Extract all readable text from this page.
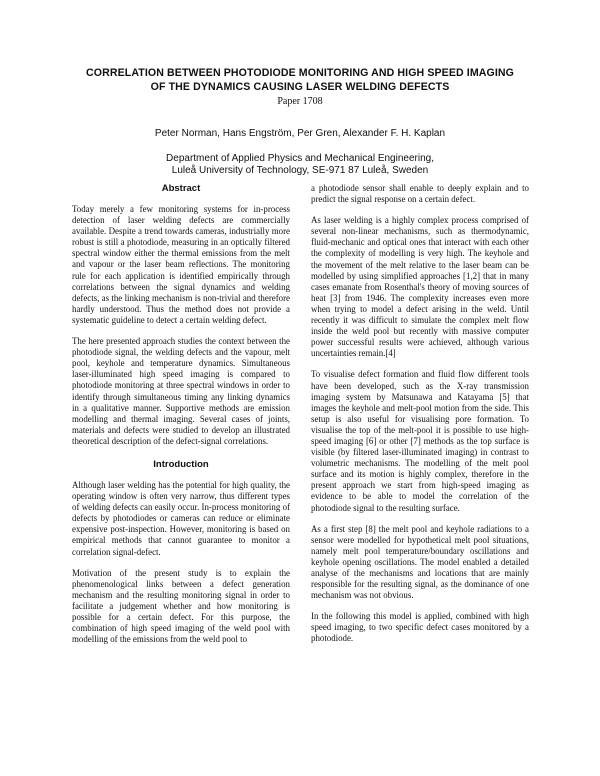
CORRELATION BETWEEN PHOTODIODE MONITORING AND HIGH SPEED IMAGING
OF THE DYNAMICS CAUSING LASER WELDING DEFECTS
Paper 1708
Peter Norman, Hans Engström, Per Gren, Alexander F. H. Kaplan
Department of Applied Physics and Mechanical Engineering,
Luleå University of Technology, SE-971 87 Luleå, Sweden
Abstract

Today merely a few monitoring systems for in-process detection of laser welding defects are commercially available. Despite a trend towards cameras, industrially more robust is still a photodiode, measuring in an optically filtered spectral window either the thermal emissions from the melt and vapour or the laser beam reflections. The monitoring rule for each application is identified empirically through correlations between the signal dynamics and welding defects, as the linking mechanism is non-trivial and therefore hardly understood. Thus the method does not provide a systematic guideline to detect a certain welding defect.

The here presented approach studies the context between the photodiode signal, the welding defects and the vapour, melt pool, keyhole and temperature dynamics. Simultaneous laser-illuminated high speed imaging is compared to photodiode monitoring at three spectral windows in order to identify through simultaneous timing any linking dynamics in a qualitative manner. Supportive methods are emission modelling and thermal imaging. Several cases of joints, materials and defects were studied to develop an illustrated theoretical description of the defect-signal correlations.

Introduction

Although laser welding has the potential for high quality, the operating window is often very narrow, thus different types of welding defects can easily occur. In-process monitoring of defects by photodiodes or cameras can reduce or eliminate expensive post-inspection. However, monitoring is based on empirical methods that cannot guarantee to monitor a correlation signal-defect.

Motivation of the present study is to explain the phenomenological links between a defect generation mechanism and the resulting monitoring signal in order to facilitate a judgement whether and how monitoring is possible for a certain defect. For this purpose, the combination of high speed imaging of the weld pool with modelling of the emissions from the weld pool to

a photodiode sensor shall enable to deeply explain and to predict the signal response on a certain defect.

As laser welding is a highly complex process comprised of several non-linear mechanisms, such as thermodynamic, fluid-mechanic and optical ones that interact with each other the complexity of modelling is very high. The keyhole and the movement of the melt relative to the laser beam can be modelled by using simplified approaches [1,2] that in many cases emanate from Rosenthal's theory of moving sources of heat [3] from 1946. The complexity increases even more when trying to model a defect arising in the weld. Until recently it was difficult to simulate the complex melt flow inside the weld pool but recently with massive computer power successful results were achieved, although various uncertainties remain.[4]

To visualise defect formation and fluid flow different tools have been developed, such as the X-ray transmission imaging system by Matsunawa and Katayama [5] that images the keyhole and melt-pool motion from the side. This setup is also useful for visualising pore formation. To visualise the top of the melt-pool it is possible to use high-speed imaging [6] or other [7] methods as the top surface is visible (by filtered laser-illuminated imaging) in contrast to volumetric mechanisms. The modelling of the melt pool surface and its motion is highly complex, therefore in the present approach we start from high-speed imaging as evidence to be able to model the correlation of the photodiode signal to the resulting surface.

As a first step [8] the melt pool and keyhole radiations to a sensor were modelled for hypothetical melt pool situations, namely melt pool temperature/boundary oscillations and keyhole opening oscillations. The model enabled a detailed analyse of the mechanisms and locations that are mainly responsible for the resulting signal, as the dominance of one mechanism was not obvious.

In the following this model is applied, combined with high speed imaging, to two specific defect cases monitored by a photodiode.
